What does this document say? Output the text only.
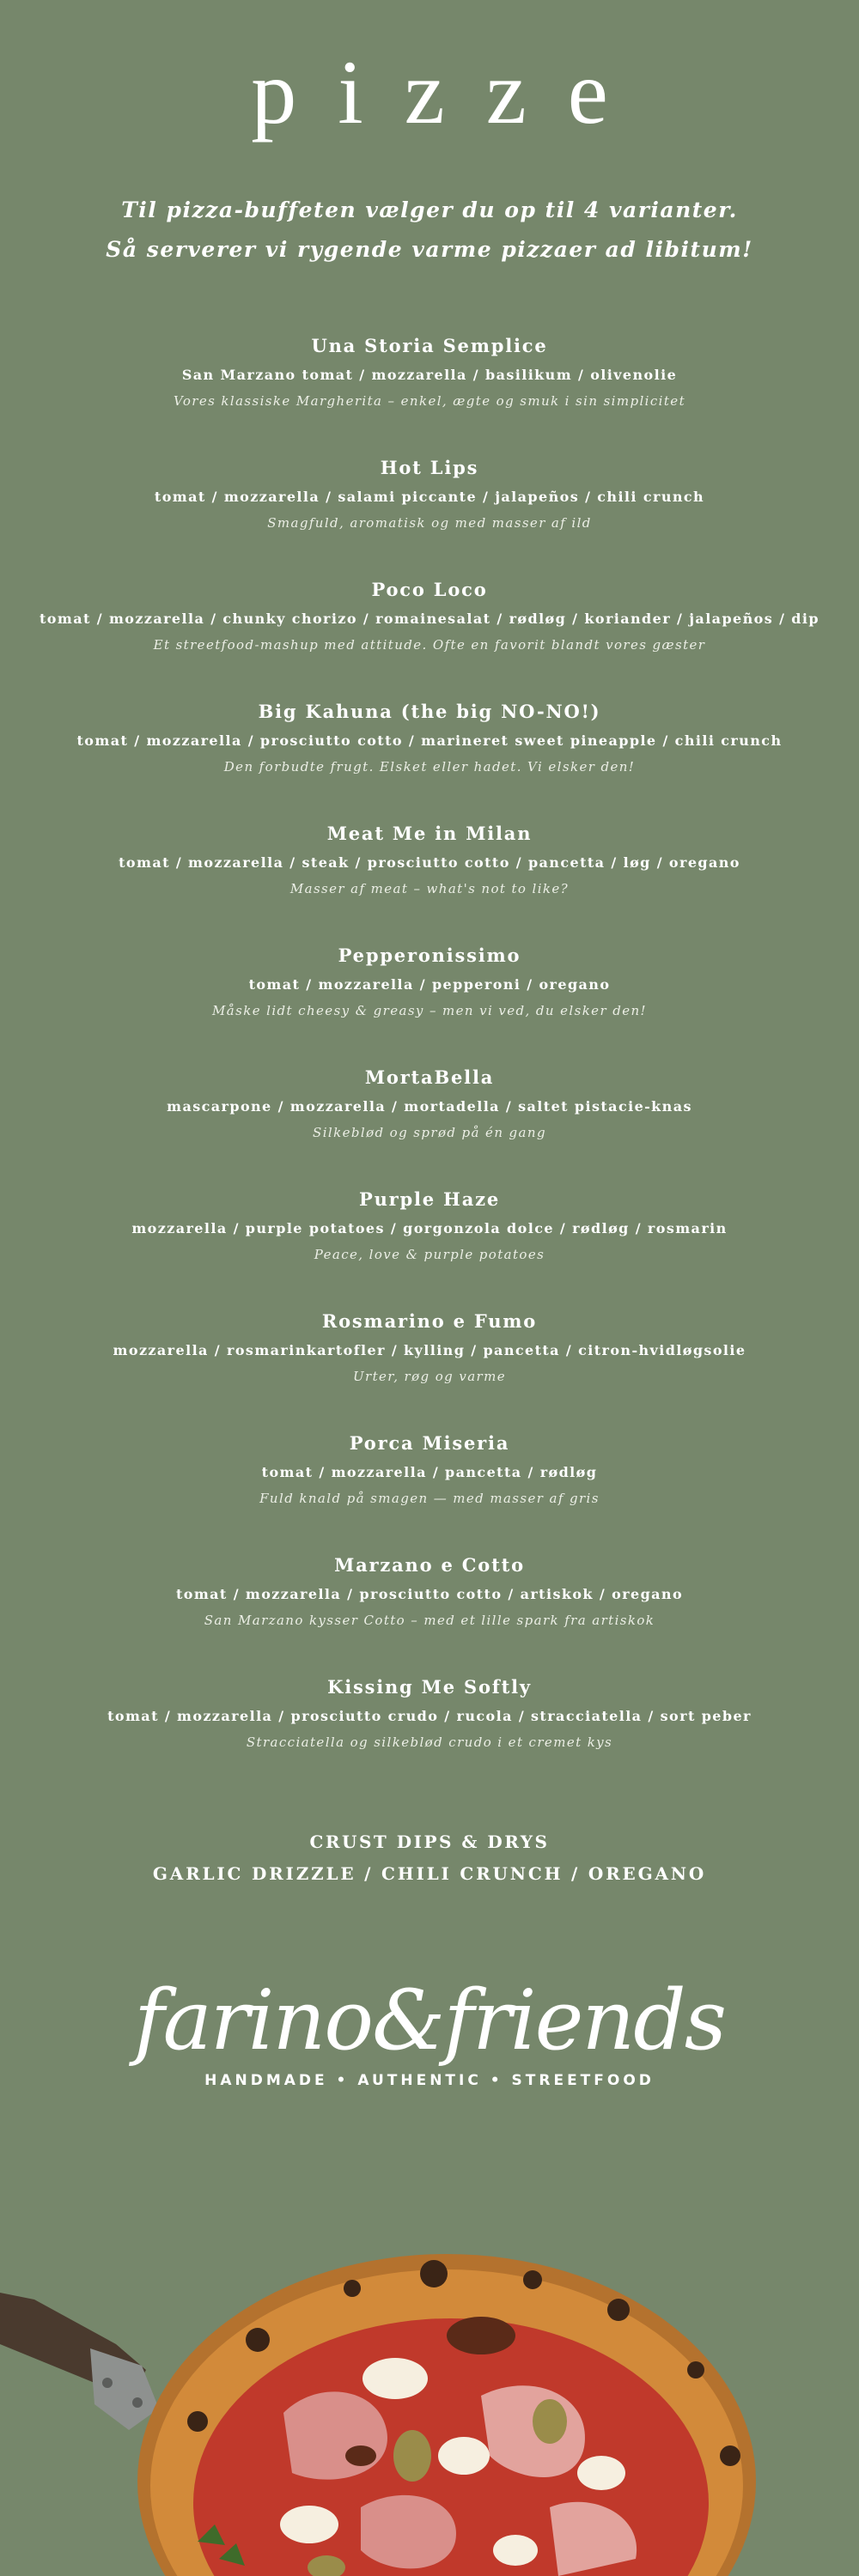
pizze
Til pizza-buffeten vælger du op til 4 varianter.
Så serverer vi rygende varme pizzaer ad libitum!
Una Storia Semplice
San Marzano tomat / mozzarella / basilikum / olivenolie
Vores klassiske Margherita – enkel, ægte og smuk i sin simplicitet
Hot Lips
tomat / mozzarella / salami piccante / jalapeños / chili crunch
Smagfuld, aromatisk og med masser af ild
Poco Loco
tomat / mozzarella / chunky chorizo / romainesalat / rødløg / koriander / jalapeños / dip
Et streetfood-mashup med attitude. Ofte en favorit blandt vores gæster
Big Kahuna (the big NO-NO!)
tomat / mozzarella / prosciutto cotto / marineret sweet pineapple / chili crunch
Den forbudte frugt. Elsket eller hadet. Vi elsker den!
Meat Me in Milan
tomat / mozzarella / steak / prosciutto cotto / pancetta / løg / oregano
Masser af meat – what's not to like?
Pepperonissimo
tomat / mozzarella / pepperoni / oregano
Måske lidt cheesy & greasy – men vi ved, du elsker den!
MortaBella
mascarpone / mozzarella / mortadella / saltet pistacie-knas
Silkeblød og sprød på én gang
Purple Haze
mozzarella / purple potatoes / gorgonzola dolce / rødløg / rosmarin
Peace, love & purple potatoes
Rosmarino e Fumo
mozzarella / rosmarinkartofler / kylling / pancetta / citron-hvidløgsolie
Urter, røg og varme
Porca Miseria
tomat / mozzarella / pancetta / rødløg
Fuld knald på smagen — med masser af gris
Marzano e Cotto
tomat / mozzarella / prosciutto cotto / artiskok / oregano
San Marzano kysser Cotto – med et lille spark fra artiskok
Kissing Me Softly
tomat / mozzarella / prosciutto crudo / rucola / stracciatella / sort peber
Stracciatella og silkeblød crudo i et cremet kys
CRUST DIPS & DRYS
GARLIC DRIZZLE / CHILI CRUNCH / OREGANO
farino&friends
HANDMADE • AUTHENTIC • STREETFOOD
